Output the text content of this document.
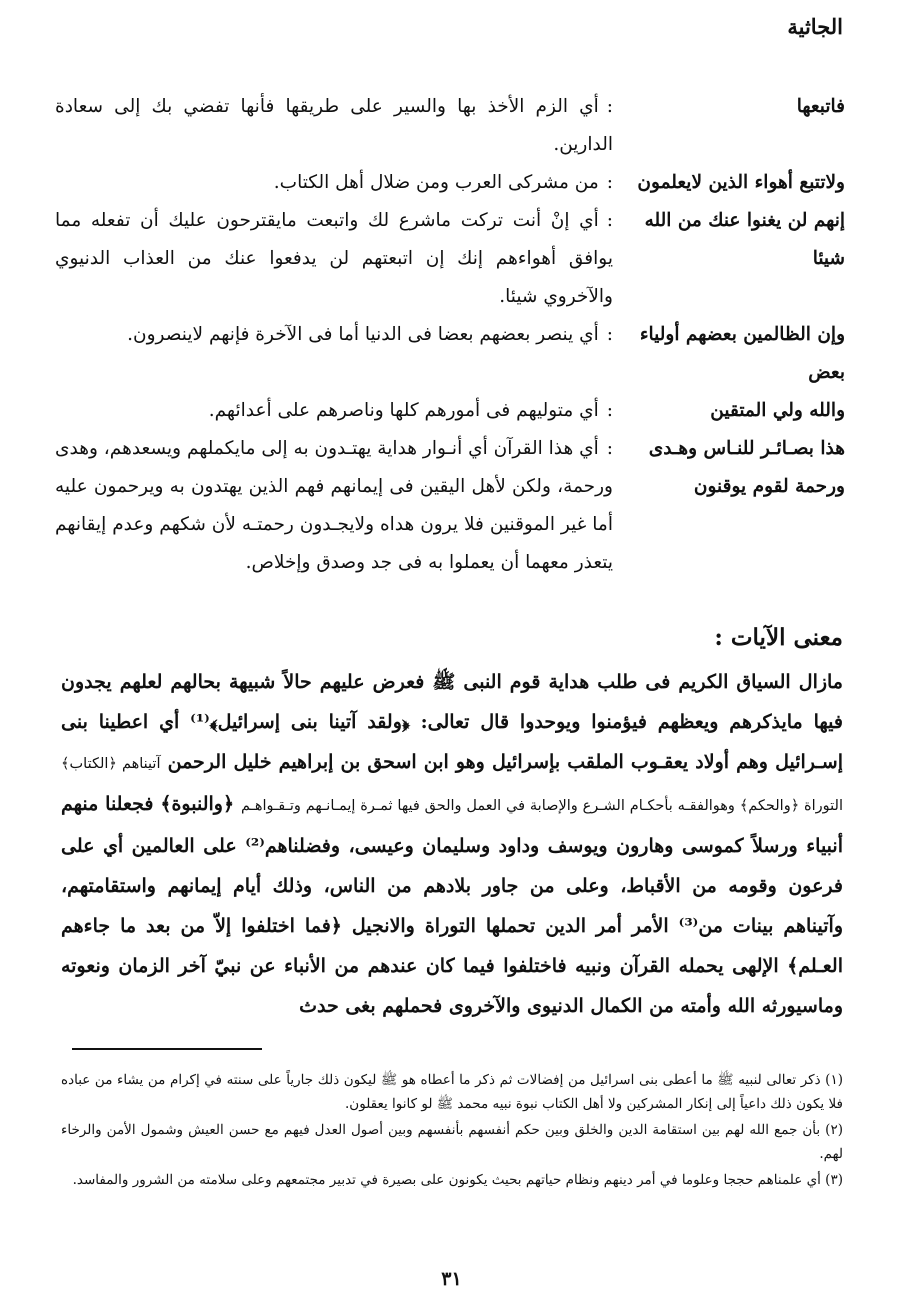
الجاثية
فاتبعها
:أي الزم الأخذ بها والسير على طريقها فأنها تفضي بك إلى سعادة الدارين.
ولاتتبع أهواء الذين لايعلمون
:من مشركى العرب ومن ضلال أهل الكتاب.
إنهم لن يغنوا عنك من الله شيئا
:أي إنْ أنت تركت ماشرع لك واتبعت مايقترحون عليك أن تفعله مما يوافق أهواءهم إنك إن اتبعتهم لن يدفعوا عنك من العذاب الدنيوي والآخروي شيئا.
وإن الظالمين بعضهم أولياء بعض
:أي ينصر بعضهم بعضا فى الدنيا أما فى الآخرة فإنهم لاينصرون.
والله ولي المتقين
:أي متوليهم فى أمورهم كلها وناصرهم على أعدائهم.
هذا بصـائـر للنـاس وهـدى ورحمة لقوم يوقنون
:أي هذا القرآن أي أنـوار هداية يهتـدون به إلى مايكملهم ويسعدهم، وهدى ورحمة، ولكن لأهل اليقين فى إيمانهم فهم الذين يهتدون به ويرحمون عليه أما غير الموقنين فلا يرون هداه ولايجـدون رحمتـه لأن شكهم وعدم إيقانهم يتعذر معهما أن يعملوا به فى جد وصدق وإخلاص.
معنى الآيات :
مازال السياق الكريم فى طلب هداية قوم النبى ﷺ فعرض عليهم حالاً شبيهة بحالهم لعلهم يجدون فيها مايذكرهم ويعظهم فيؤمنوا ويوحدوا قال تعالى: ﴿ولقد آتينا بنى إسرائيل﴾⁽¹⁾ أي اعطينا بنى إسـرائيل وهم أولاد يعقـوب الملقب بإسرائيل وهو ابن اسحق بن إبراهيم خليل الرحمن آتيناهم ﴿الكتاب﴾ التوراة ﴿والحكم﴾ وهوالفقـه بأحكـام الشـرع والإصابة في العمل والحق فيها ثمـرة إيمـانـهم وتـقـواهـم ﴿والنبوة﴾ فجعلنا منهم أنبياء ورسلاً كموسى وهارون ويوسف وداود وسليمان وعيسى، وفضلناهم⁽²⁾ على العالمين أي على فرعون وقومه من الأقباط، وعلى من جاور بلادهم من الناس، وذلك أيام إيمانهم واستقامتهم، وآتيناهم بينات من⁽³⁾ الأمر أمر الدين تحملها التوراة والانجيل ﴿فما اختلفوا إلاّ من بعد ما جاءهم العـلم﴾ الإلهى يحمله القرآن ونبيه فاختلفوا فيما كان عندهم من الأنباء عن نبيّ آخر الزمان ونعوته وماسيورثه الله وأمته من الكمال الدنيوى والآخروى فحملهم بغى حدث

(١) ذكر تعالى لنبيه ﷺ ما أعطى بنى اسرائيل من إفضالات ثم ذكر ما أعطاه هو ﷺ ليكون ذلك جارياً على سنته في إكرام من يشاء من عباده فلا يكون ذلك داعياً إلى إنكار المشركين ولا أهل الكتاب نبوة نبيه محمد ﷺ لو كانوا يعقلون.

(٢) بأن جمع الله لهم بين استقامة الدين والخلق وبين حكم أنفسهم بأنفسهم وبين أصول العدل فيهم مع حسن العيش وشمول الأمن والرخاء لهم.

(٣) أي علمناهم حججا وعلوما في أمر دينهم ونظام حياتهم بحيث يكونون على بصيرة في تدبير مجتمعهم وعلى سلامته من الشرور والمفاسد.

٣١
